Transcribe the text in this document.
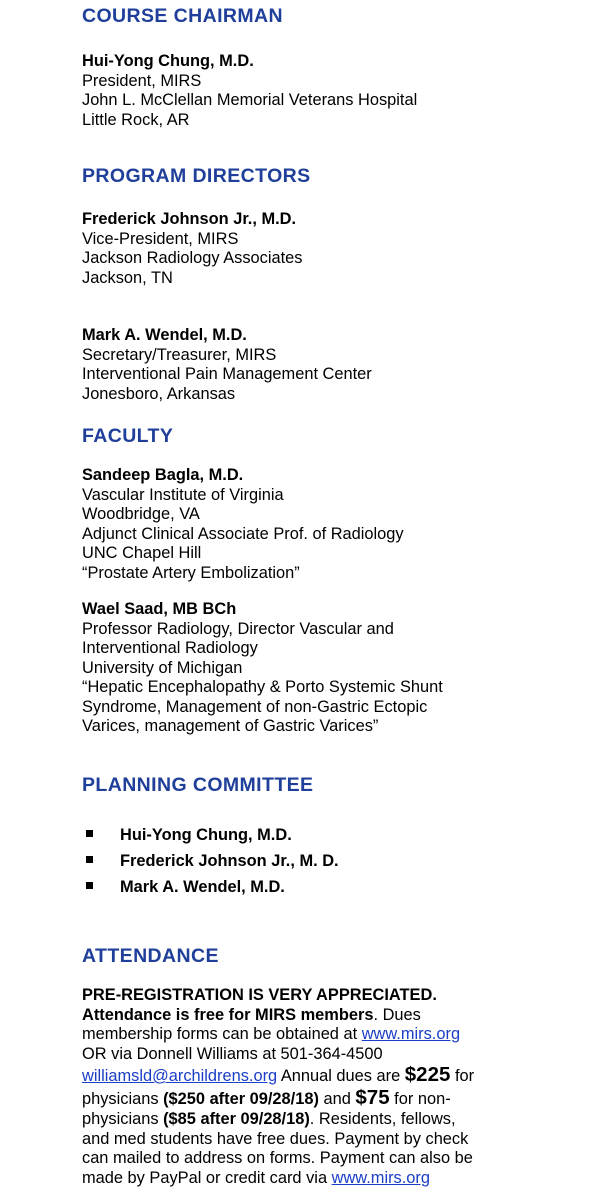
COURSE CHAIRMAN
Hui-Yong Chung, M.D.
President, MIRS
John L. McClellan Memorial Veterans Hospital
Little Rock, AR
PROGRAM DIRECTORS
Frederick Johnson Jr., M.D.
Vice-President, MIRS
Jackson Radiology Associates
Jackson, TN
Mark A. Wendel, M.D.
Secretary/Treasurer, MIRS
Interventional Pain Management Center
Jonesboro, Arkansas
FACULTY
Sandeep Bagla, M.D.
Vascular Institute of Virginia
Woodbridge, VA
Adjunct Clinical Associate Prof. of Radiology
UNC Chapel Hill
“Prostate Artery Embolization”
Wael Saad, MB BCh
Professor Radiology, Director Vascular and
Interventional Radiology
University of Michigan
“Hepatic Encephalopathy & Porto Systemic Shunt
Syndrome, Management of non-Gastric Ectopic
Varices, management of Gastric Varices”
PLANNING COMMITTEE
Hui-Yong Chung, M.D.
Frederick Johnson Jr., M. D.
Mark A. Wendel, M.D.
ATTENDANCE
PRE-REGISTRATION IS VERY APPRECIATED.
Attendance is free for MIRS members. Dues
membership forms can be obtained at www.mirs.org
OR via Donnell Williams at 501-364-4500
williamsld@archildrens.org Annual dues are $225 for
physicians ($250 after 09/28/18) and $75 for non-
physicians ($85 after 09/28/18). Residents, fellows,
and med students have free dues. Payment by check
can mailed to address on forms. Payment can also be
made by PayPal or credit card via www.mirs.org
